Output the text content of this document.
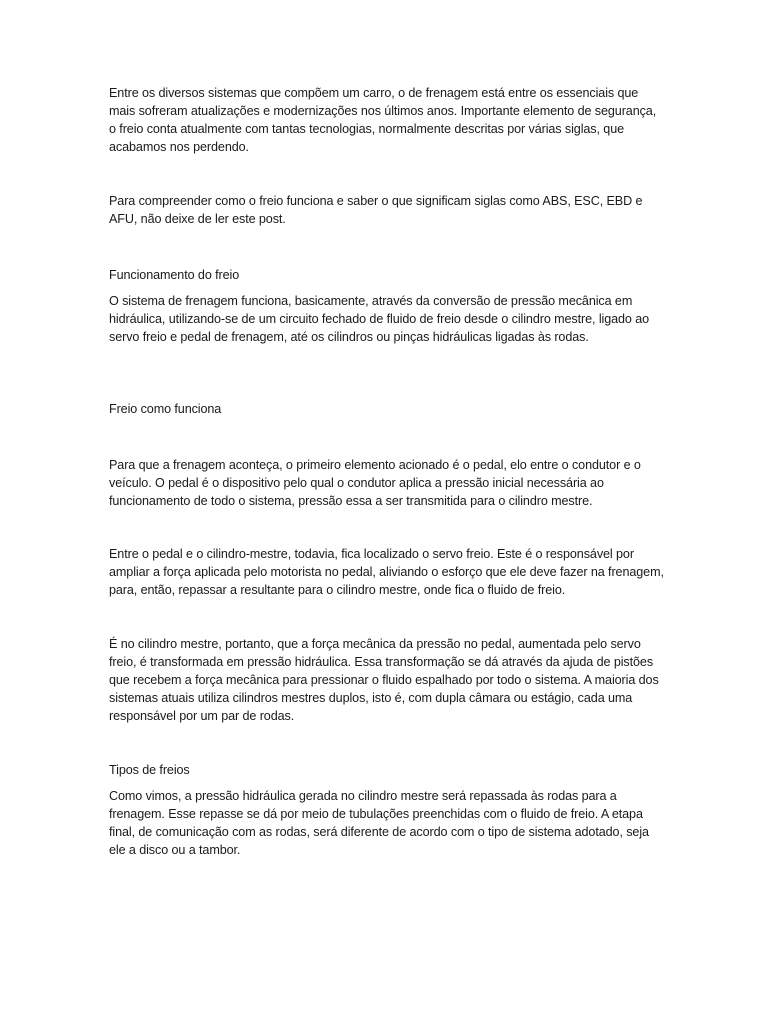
Entre os diversos sistemas que compõem um carro, o de frenagem está entre os essenciais que mais sofreram atualizações e modernizações nos últimos anos. Importante elemento de segurança, o freio conta atualmente com tantas tecnologias, normalmente descritas por várias siglas, que acabamos nos perdendo.

Para compreender como o freio funciona e saber o que significam siglas como ABS, ESC, EBD e AFU, não deixe de ler este post.

Funcionamento do freio

O sistema de frenagem funciona, basicamente, através da conversão de pressão mecânica em hidráulica, utilizando-se de um circuito fechado de fluido de freio desde o cilindro mestre, ligado ao servo freio e pedal de frenagem, até os cilindros ou pinças hidráulicas ligadas às rodas.

Freio como funciona

Para que a frenagem aconteça, o primeiro elemento acionado é o pedal, elo entre o condutor e o veículo. O pedal é o dispositivo pelo qual o condutor aplica a pressão inicial necessária ao funcionamento de todo o sistema, pressão essa a ser transmitida para o cilindro mestre.

Entre o pedal e o cilindro-mestre, todavia, fica localizado o servo freio. Este é o responsável por ampliar a força aplicada pelo motorista no pedal, aliviando o esforço que ele deve fazer na frenagem, para, então, repassar a resultante para o cilindro mestre, onde fica o fluido de freio.

É no cilindro mestre, portanto, que a força mecânica da pressão no pedal, aumentada pelo servo freio, é transformada em pressão hidráulica. Essa transformação se dá através da ajuda de pistões que recebem a força mecânica para pressionar o fluido espalhado por todo o sistema. A maioria dos sistemas atuais utiliza cilindros mestres duplos, isto é, com dupla câmara ou estágio, cada uma responsável por um par de rodas.

Tipos de freios

Como vimos, a pressão hidráulica gerada no cilindro mestre será repassada às rodas para a frenagem. Esse repasse se dá por meio de tubulações preenchidas com o fluido de freio. A etapa final, de comunicação com as rodas, será diferente de acordo com o tipo de sistema adotado, seja ele a disco ou a tambor.
